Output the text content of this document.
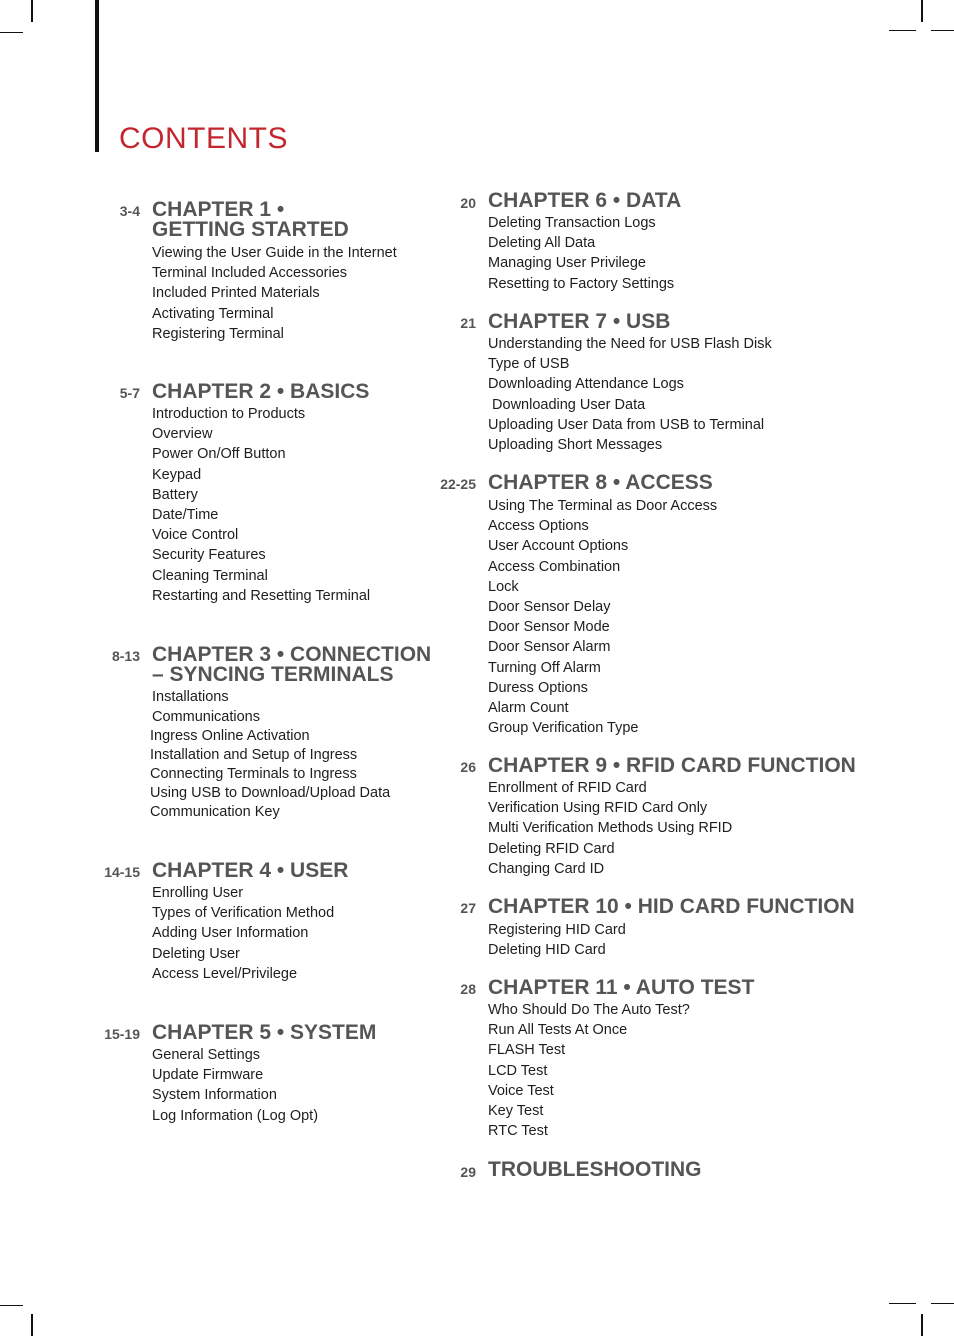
CONTENTS
3-4 CHAPTER 1 •
GETTING STARTED
Viewing the User Guide in the Internet
Terminal Included Accessories
Included Printed Materials
Activating Terminal
Registering Terminal
5-7 CHAPTER 2 • BASICS
Introduction to Products
Overview
Power On/Off Button
Keypad
Battery
Date/Time
Voice Control
Security Features
Cleaning Terminal
Restarting and Resetting Terminal
8-13 CHAPTER 3 • CONNECTION
– SYNCING TERMINALS
Installations
Communications
Ingress Online Activation
Installation and Setup of Ingress
Connecting Terminals to Ingress
Using USB to Download/Upload Data
Communication Key
14-15 CHAPTER 4 • USER
Enrolling User
Types of Verification Method
Adding User Information
Deleting User
Access Level/Privilege
15-19 CHAPTER 5 • SYSTEM
General Settings
Update Firmware
System Information
Log Information (Log Opt)
20 CHAPTER 6 • DATA
Deleting Transaction Logs
Deleting All Data
Managing User Privilege
Resetting to Factory Settings
21 CHAPTER 7 • USB
Understanding the Need for USB Flash Disk
Type of USB
Downloading Attendance Logs
Downloading User Data
Uploading User Data from USB to Terminal
Uploading Short Messages
22-25 CHAPTER 8 • ACCESS
Using The Terminal as Door Access
Access Options
User Account Options
Access Combination
Lock
Door Sensor Delay
Door Sensor Mode
Door Sensor Alarm
Turning Off Alarm
Duress Options
Alarm Count
Group Verification Type
26 CHAPTER 9 • RFID CARD FUNCTION
Enrollment of RFID Card
Verification Using RFID Card Only
Multi Verification Methods Using RFID
Deleting RFID Card
Changing Card ID
27 CHAPTER 10 • HID CARD FUNCTION
Registering HID Card
Deleting HID Card
28 CHAPTER 11 • AUTO TEST
Who Should Do The Auto Test?
Run All Tests At Once
FLASH Test
LCD Test
Voice Test
Key Test
RTC Test
29 TROUBLESHOOTING
